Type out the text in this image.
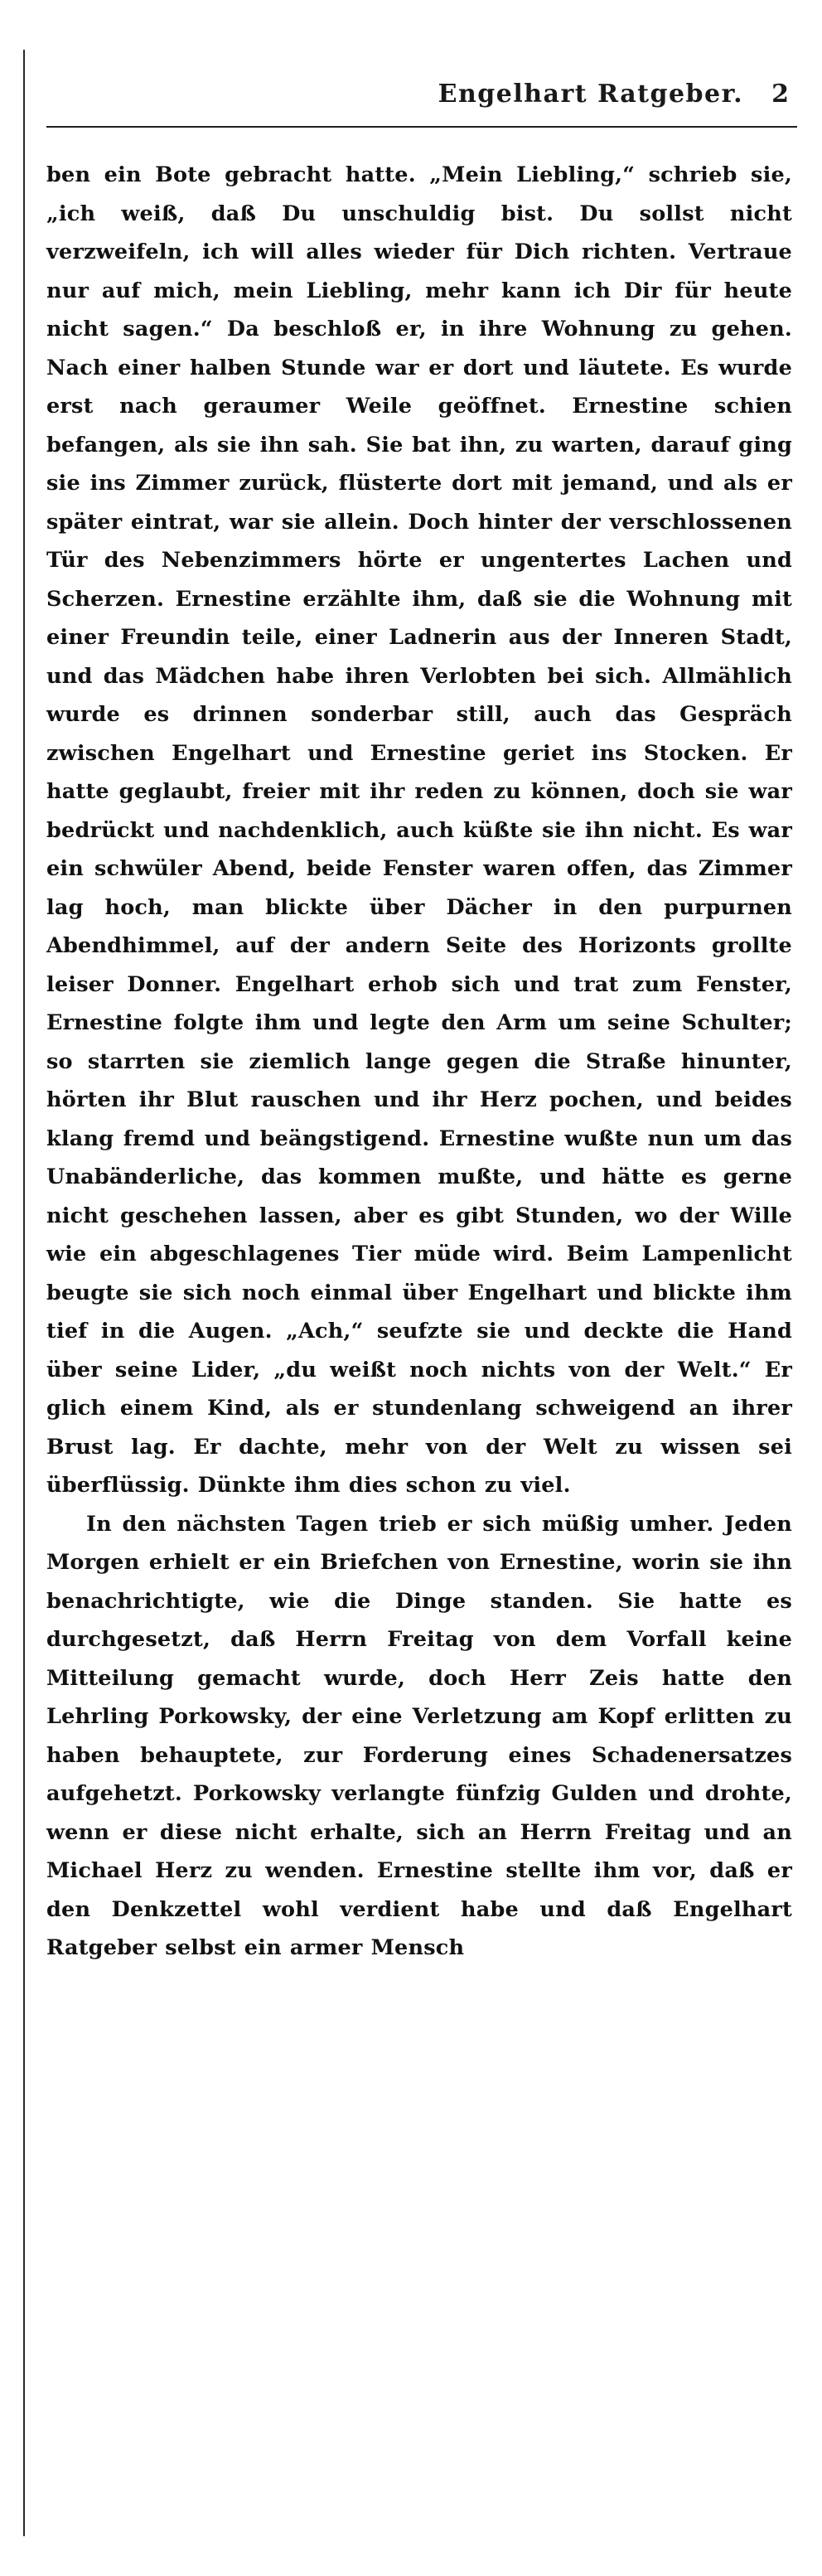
Engelhart Ratgeber. 2

ben ein Bote gebracht hatte. „Mein Liebling,“ schrieb sie, „ich weiß, daß Du unschuldig bist. Du sollst nicht verzweifeln, ich will alles wieder für Dich richten. Vertraue nur auf mich, mein Liebling, mehr kann ich Dir für heute nicht sagen.“ Da beschloß er, in ihre Wohnung zu gehen. Nach einer halben Stunde war er dort und läutete. Es wurde erst nach geraumer Weile geöffnet. Ernestine schien befangen, als sie ihn sah. Sie bat ihn, zu warten, darauf ging sie ins Zimmer zurück, flüsterte dort mit jemand, und als er später eintrat, war sie allein. Doch hinter der verschlossenen Tür des Nebenzimmers hörte er ungentertes Lachen und Scherzen. Ernestine erzählte ihm, daß sie die Wohnung mit einer Freundin teile, einer Ladnerin aus der Inneren Stadt, und das Mädchen habe ihren Verlobten bei sich. Allmählich wurde es drinnen sonderbar still, auch das Gespräch zwischen Engelhart und Ernestine geriet ins Stocken. Er hatte geglaubt, freier mit ihr reden zu können, doch sie war bedrückt und nachdenklich, auch küßte sie ihn nicht. Es war ein schwüler Abend, beide Fenster waren offen, das Zimmer lag hoch, man blickte über Dächer in den purpurnen Abendhimmel, auf der andern Seite des Horizonts grollte leiser Donner. Engelhart erhob sich und trat zum Fenster, Ernestine folgte ihm und legte den Arm um seine Schulter; so starrten sie ziemlich lange gegen die Straße hinunter, hörten ihr Blut rauschen und ihr Herz pochen, und beides klang fremd und beängstigend. Ernestine wußte nun um das Unabänderliche, das kommen mußte, und hätte es gerne nicht geschehen lassen, aber es gibt Stunden, wo der Wille wie ein abgeschlagenes Tier müde wird. Beim Lampenlicht beugte sie sich noch einmal über Engelhart und blickte ihm tief in die Augen. „Ach,“ seufzte sie und deckte die Hand über seine Lider, „du weißt noch nichts von der Welt.“ Er glich einem Kind, als er stundenlang schweigend an ihrer Brust lag. Er dachte, mehr von der Welt zu wissen sei überflüssig. Dünkte ihm dies schon zu viel.

In den nächsten Tagen trieb er sich müßig umher. Jeden Morgen erhielt er ein Briefchen von Ernestine, worin sie ihn benachrichtigte, wie die Dinge standen. Sie hatte es durchgesetzt, daß Herrn Freitag von dem Vorfall keine Mitteilung gemacht wurde, doch Herr Zeis hatte den Lehrling Porkowsky, der eine Verletzung am Kopf erlitten zu haben behauptete, zur Forderung eines Schadenersatzes aufgehetzt. Porkowsky verlangte fünfzig Gulden und drohte, wenn er diese nicht erhalte, sich an Herrn Freitag und an Michael Herz zu wenden. Ernestine stellte ihm vor, daß er den Denkzettel wohl verdient habe und daß Engelhart Ratgeber selbst ein armer Mensch
